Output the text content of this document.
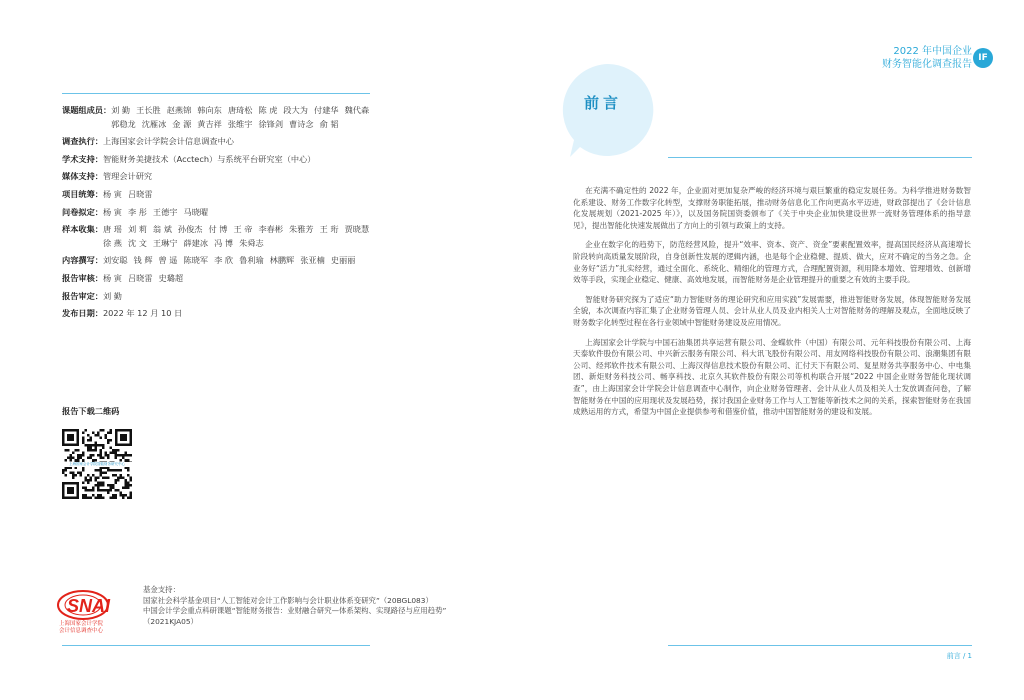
2022 年中国企业
财务智能化调查报告
IF
课题组成员： 刘 勤 王长胜 赵燕锦 韩向东 唐琦松 陈 虎 段大为 付建华 魏代森
郭稳龙 沈雁冰 金 源 黄吉祥 张维宇 徐锋剑 曹诗念 俞 韬
调查执行： 上海国家会计学院会计信息调查中心
学术支持： 智能财务美捷技术（Acctech）与系统平台研究室（中心）
媒体支持： 管理会计研究
项目统筹： 杨 寅 吕晓雷
问卷拟定： 杨 寅 李 彤 王德宇 马晓曜
样本收集： 唐 瑶 刘 莉 翁 斌 孙俊杰 付 博 王 帝 李春彬 朱雅芳 王 珩 贾晓慧
徐 燕 沈 文 王琳宁 薛建冰 冯 博 朱舜志
内容撰写： 刘安聪 钱 辉 曾 遥 陈晓军 李 欣 鲁利瑜 林鹏辉 张亚楠 史丽丽
报告审核： 杨 寅 吕晓雷 史璐超
报告审定： 刘 勤
发布日期： 2022 年 12 月 10 日
报告下载二维码
上海国家会计学院智能财务研究中心
SNAI
上海国家会计学院
会计信息调查中心
基金支持：
国家社会科学基金项目“人工智能对会计工作影响与会计职业体系变研究”（20BGL083）
中国会计学会重点科研课题“智能财务报告：业财融合研究—体系架构、实现路径与应用趋势”
（2021KJA05）
前言

在充满不确定性的 2022 年，企业面对更加复杂严峻的经济环境与艰巨繁重的稳定发展任务。为科学推进财务数智化系建设、财务工作数字化转型，支撑财务职能拓展，推动财务信息化工作向更高水平迈进，财政部提出了《会计信息化发展规划（2021-2025 年）》，以及国务院国资委颁布了《关于中央企业加快建设世界一流财务管理体系的指导意见》，提出智能化快速发展做出了方向上的引领与政策上的支持。

企业在数字化的趋势下，防范经营风险，提升“效率、资本、资产、资金”要素配置效率，提高国民经济从高速增长阶段转向高质量发展阶段，自身创新性发展的逻辑内涵，也是每个企业稳健、提质、做大，应对不确定的当务之急。企业务好“活力”扎实经营，通过全面化、系统化、精细化的管理方式，合理配置资源，利用降本增效、管理增效、创新增效等手段，实现企业稳定、健康、高效地发展，而智能财务是企业管理提升的重要之有效的主要手段。

智能财务研究探为了适应“助力智能财务的理论研究和应用实践”发展需要，推进智能财务发展，体现智能财务发展全貌，本次调查内容汇集了企业财务管理人员、会计从业人员及业内相关人士对智能财务的理解及观点，全面地反映了财务数字化转型过程在各行业领域中智能财务建设及应用情况。

上海国家会计学院与中国石油集团共享运营有限公司、金蝶软件（中国）有限公司、元年科技股份有限公司、上海天泰软件股份有限公司、中兴新云服务有限公司、科大讯飞股份有限公司、用友网络科技股份有限公司、浪潮集团有限公司、经邦软件技术有限公司、上海汉得信息技术股份有限公司、汇付天下有限公司、复星财务共享服务中心、中电集团、新炬财务科技公司、畅享科技、北京久其软件股份有限公司等机构联合开展“2022 中国企业财务智能化现状调查”，由上海国家会计学院会计信息调查中心制作，向企业财务管理者、会计从业人员及相关人士发放调查问卷，了解智能财务在中国的应用现状及发展趋势，探讨我国企业财务工作与人工智能等新技术之间的关系，探索智能财务在我国成熟运用的方式，希望为中国企业提供参考和借鉴价值，推动中国智能财务的建设和发展。

前言 / 1
